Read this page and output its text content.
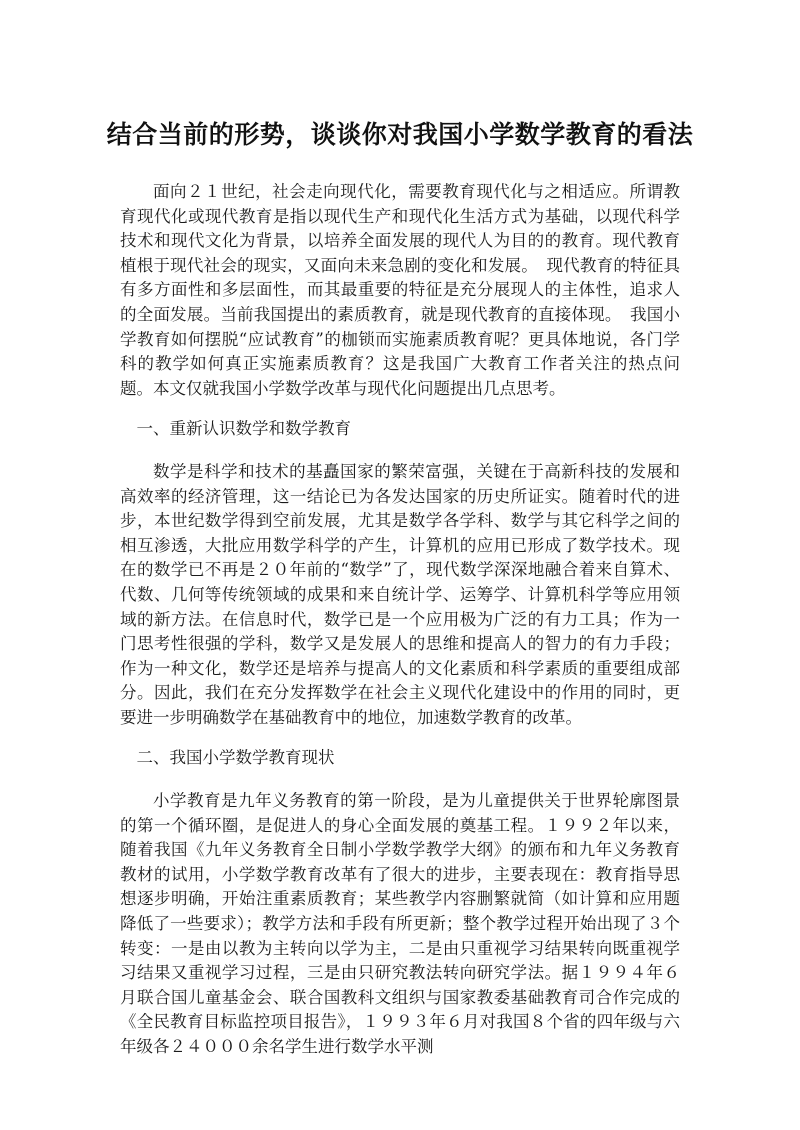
结合当前的形势，谈谈你对我国小学数学教育的看法

面向２１世纪，社会走向现代化，需要教育现代化与之相适应。所谓教育现代化或现代教育是指以现代生产和现代化生活方式为基础，以现代科学技术和现代文化为背景，以培养全面发展的现代人为目的的教育。现代教育植根于现代社会的现实，又面向未来急剧的变化和发展。　现代教育的特征具有多方面性和多层面性，而其最重要的特征是充分展现人的主体性，追求人的全面发展。当前我国提出的素质教育，就是现代教育的直接体现。　我国小学教育如何摆脱“应试教育”的枷锁而实施素质教育呢？更具体地说，各门学科的教学如何真正实施素质教育？这是我国广大教育工作者关注的热点问题。本文仅就我国小学数学改革与现代化问题提出几点思考。

一、重新认识数学和数学教育

数学是科学和技术的基矗国家的繁荣富强，关键在于高新科技的发展和高效率的经济管理，这一结论已为各发达国家的历史所证实。随着时代的进步，本世纪数学得到空前发展，尤其是数学各学科、数学与其它科学之间的相互渗透，大批应用数学科学的产生，计算机的应用已形成了数学技术。现在的数学已不再是２０年前的“数学”了，现代数学深深地融合着来自算术、代数、几何等传统领域的成果和来自统计学、运筹学、计算机科学等应用领域的新方法。在信息时代，数学已是一个应用极为广泛的有力工具；作为一门思考性很强的学科，数学又是发展人的思维和提高人的智力的有力手段；作为一种文化，数学还是培养与提高人的文化素质和科学素质的重要组成部分。因此，我们在充分发挥数学在社会主义现代化建设中的作用的同时，更要进一步明确数学在基础教育中的地位，加速数学教育的改革。

二、我国小学数学教育现状

小学教育是九年义务教育的第一阶段，是为儿童提供关于世界轮廓图景的第一个循环圈，是促进人的身心全面发展的奠基工程。１９９２年以来，随着我国《九年义务教育全日制小学数学教学大纲》的颁布和九年义务教育教材的试用，小学数学教育改革有了很大的进步，主要表现在：教育指导思想逐步明确，开始注重素质教育；某些教学内容删繁就简（如计算和应用题降低了一些要求）；教学方法和手段有所更新；整个教学过程开始出现了３个转变：一是由以教为主转向以学为主，二是由只重视学习结果转向既重视学习结果又重视学习过程，三是由只研究教法转向研究学法。据１９９４年６月联合国儿童基金会、联合国教科文组织与国家教委基础教育司合作完成的《全民教育目标监控项目报告》，１９９３年６月对我国８个省的四年级与六年级各２４０００余名学生进行数学水平测
